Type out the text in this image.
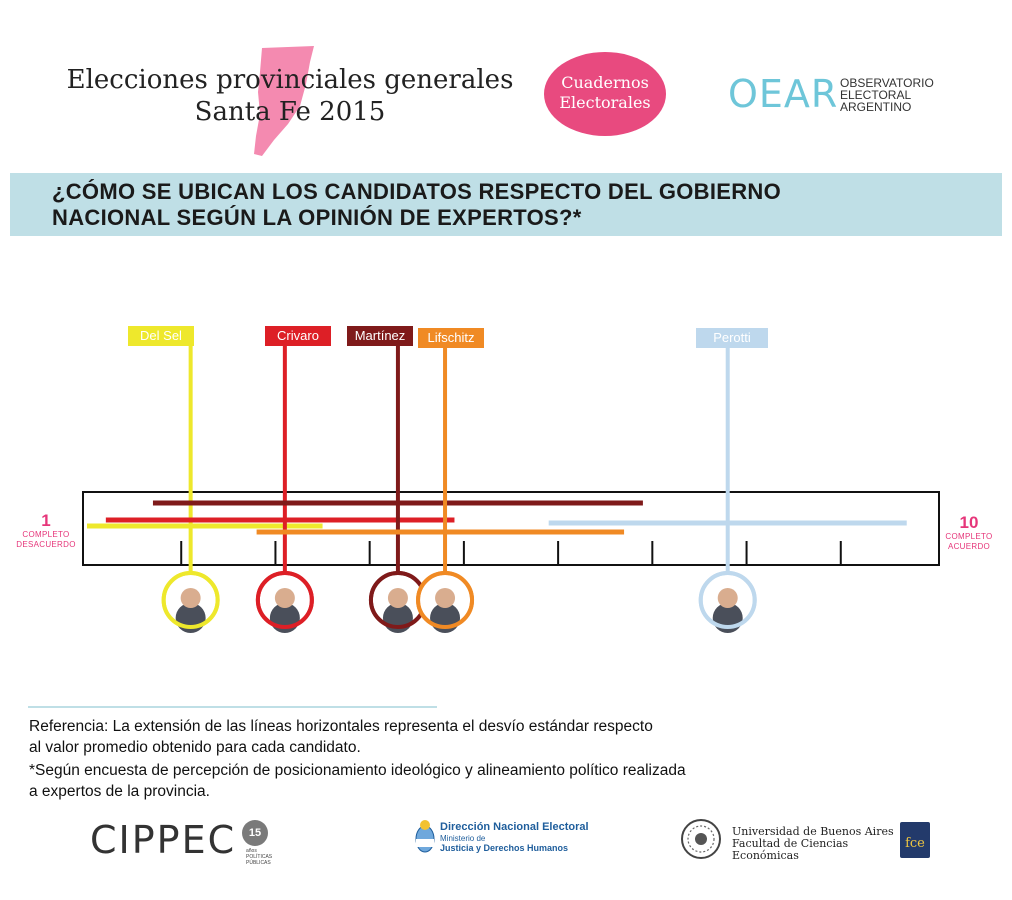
Elecciones provinciales generales
Santa Fe 2015
Cuadernos
Electorales	OEAR OBSERVATORIO
ELECTORAL
ARGENTINO
¿CÓMO SE UBICAN LOS CANDIDATOS RESPECTO DEL GOBIERNO
NACIONAL SEGÚN LA OPINIÓN DE EXPERTOS?*
Del Sel	Crivaro	Martínez Lifschitz	Perotti
1
COMPLETO
DESACUERDO
10
COMPLETO
ACUERDO
Referencia: La extensión de las líneas horizontales representa el desvío estándar respecto
al valor promedio obtenido para cada candidato.
*Según encuesta de percepción de posicionamiento ideológico y alineamiento político realizada
a expertos de la provincia.
CIPPEC	15
años
POLÍTICAS
PÚBLICAS
Dirección Nacional Electoral
Ministerio de
Justicia y Derechos Humanos
Universidad de Buenos Aires
Facultad de Ciencias Económicas
fce
